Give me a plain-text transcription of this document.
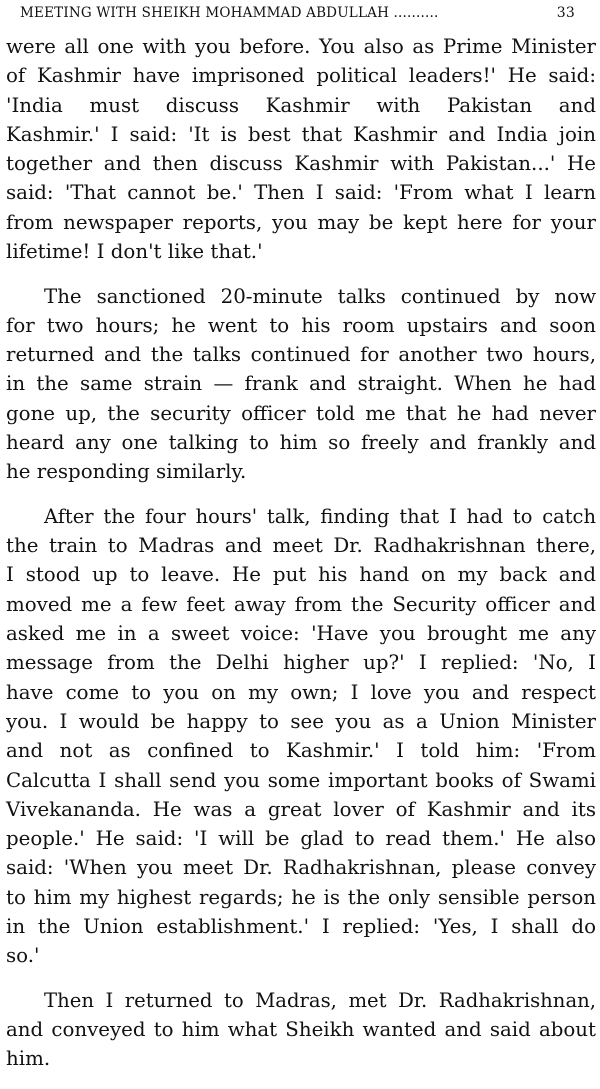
MEETING WITH SHEIKH MOHAMMAD ABDULLAH ..........	33

were all one with you before. You also as Prime Minister
of Kashmir have imprisoned political leaders!' He said:
'India must discuss Kashmir with Pakistan and
Kashmir.' I said: 'It is best that Kashmir and India join
together and then discuss Kashmir with Pakistan...' He
said: 'That cannot be.' Then I said: 'From what I learn
from newspaper reports, you may be kept here for your
lifetime! I don't like that.'

The sanctioned 20-minute talks continued by now
for two hours; he went to his room upstairs and soon
returned and the talks continued for another two hours,
in the same strain — frank and straight. When he had
gone up, the security officer told me that he had never
heard any one talking to him so freely and frankly and
he responding similarly.

After the four hours' talk, finding that I had to catch
the train to Madras and meet Dr. Radhakrishnan there,
I stood up to leave. He put his hand on my back and
moved me a few feet away from the Security officer and
asked me in a sweet voice: 'Have you brought me any
message from the Delhi higher up?' I replied: 'No, I
have come to you on my own; I love you and respect
you. I would be happy to see you as a Union Minister
and not as confined to Kashmir.' I told him: 'From
Calcutta I shall send you some important books of Swami
Vivekananda. He was a great lover of Kashmir and its
people.' He said: 'I will be glad to read them.' He also
said: 'When you meet Dr. Radhakrishnan, please convey
to him my highest regards; he is the only sensible person
in the Union establishment.' I replied: 'Yes, I shall do
so.'

Then I returned to Madras, met Dr. Radhakrishnan,
and conveyed to him what Sheikh wanted and said about
him.
